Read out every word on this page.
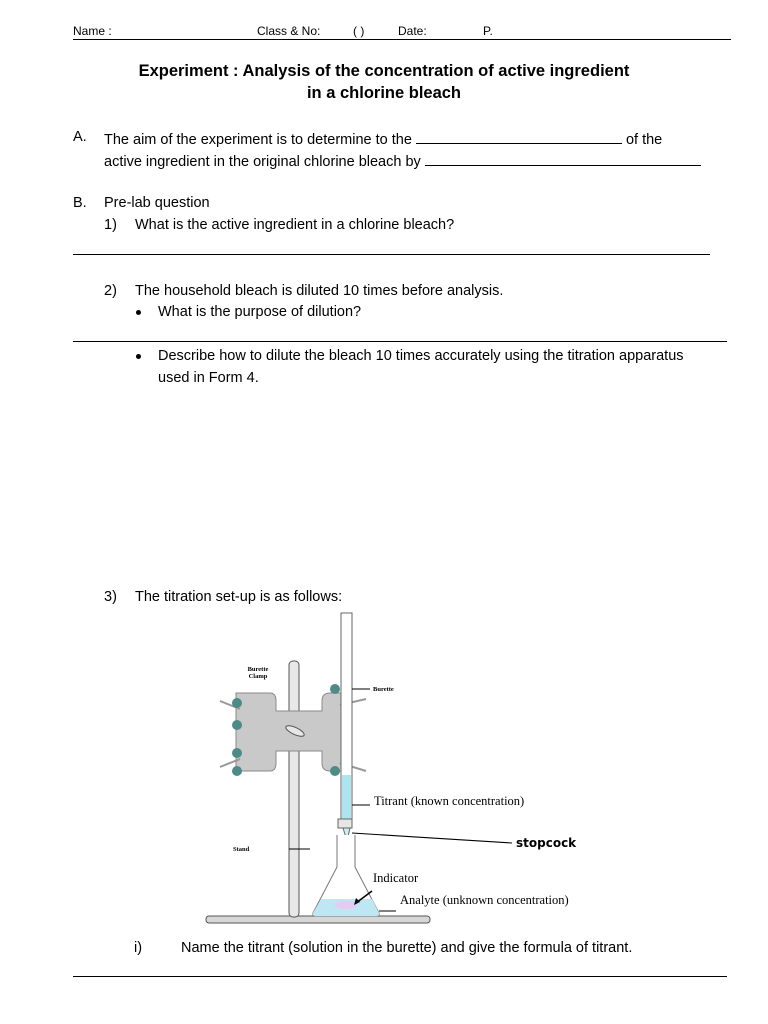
Name :	Class & No:	( )	Date:	P.
Experiment : Analysis of the concentration of active ingredient
in a chlorine bleach
A. The aim of the experiment is to determine to the	of the
active ingredient in the original chlorine bleach by
B. Pre-lab question
1) What is the active ingredient in a chlorine bleach?
2) The household bleach is diluted 10 times before analysis.
What is the purpose of dilution?
Describe how to dilute the bleach 10 times accurately using the titration apparatus
used in Form 4.
3) The titration set-up is as follows:
Burette
Clamp
Burette
Titrant (known concentration)
stopcock
Stand
Indicator
Analyte (unknown concentration)
i)	Name the titrant (solution in the burette) and give the formula of titrant.
